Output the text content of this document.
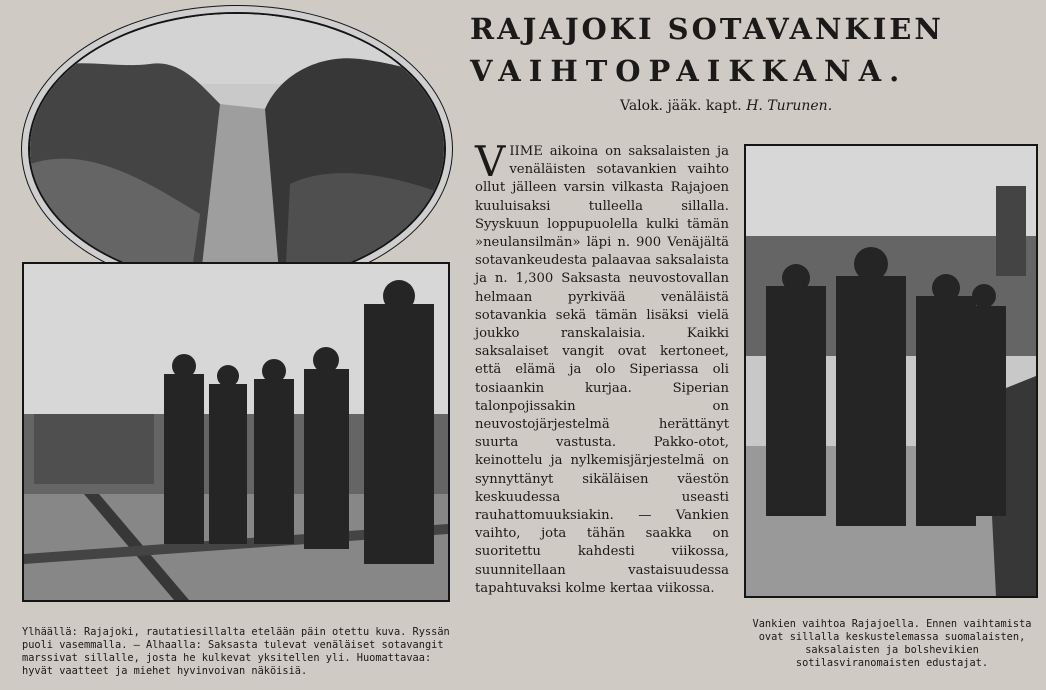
RAJAJOKI SOTAVANKIEN
VAIHTOPAIKKANA.
Valok. jääk. kapt. H. Turunen.
V IIME aikoina on saksalaisten ja venäläisten sotavankien vaihto ollut jälleen varsin vilkasta Rajajoen kuuluisaksi tulleella sillalla. Syyskuun loppupuolella kulki tämän »neulansilmän» läpi n. 900 Venäjältä sotavankeudesta palaavaa saksalaista ja n. 1,300 Saksasta neuvostovallan helmaan pyrkivää venäläistä sotavankia sekä tämän lisäksi vielä joukko ranskalaisia. Kaikki saksalaiset vangit ovat kertoneet, että elämä ja olo Siperiassa oli tosiaankin kurjaa. Siperian talonpojissakin on neuvostojärjestelmä herättänyt suurta vastusta. Pakko-otot, keinottelu ja nylkemisjärjestelmä on synnyttänyt sikäläisen väestön keskuudessa useasti rauhattomuuksiakin. — Vankien vaihto, jota tähän saakka on suoritettu kahdesti viikossa, suunnitellaan vastaisuudessa tapahtuvaksi kolme kertaa viikossa.
Ylhäällä: Rajajoki, rautatiesillalta etelään päin otettu kuva. Ryssän puoli vasemmalla. — Alhaalla: Saksasta tulevat venäläiset sotavangit marssivat sillalle, josta he kulkevat yksitellen yli. Huomattavaa: hyvät vaatteet ja miehet hyvinvoivan näköisiä.
Vankien vaihtoa Rajajoella. Ennen vaihtamista ovat sillalla keskustelemassa suomalaisten, saksalaisten ja bolshevikien sotilasviranomaisten edustajat.
